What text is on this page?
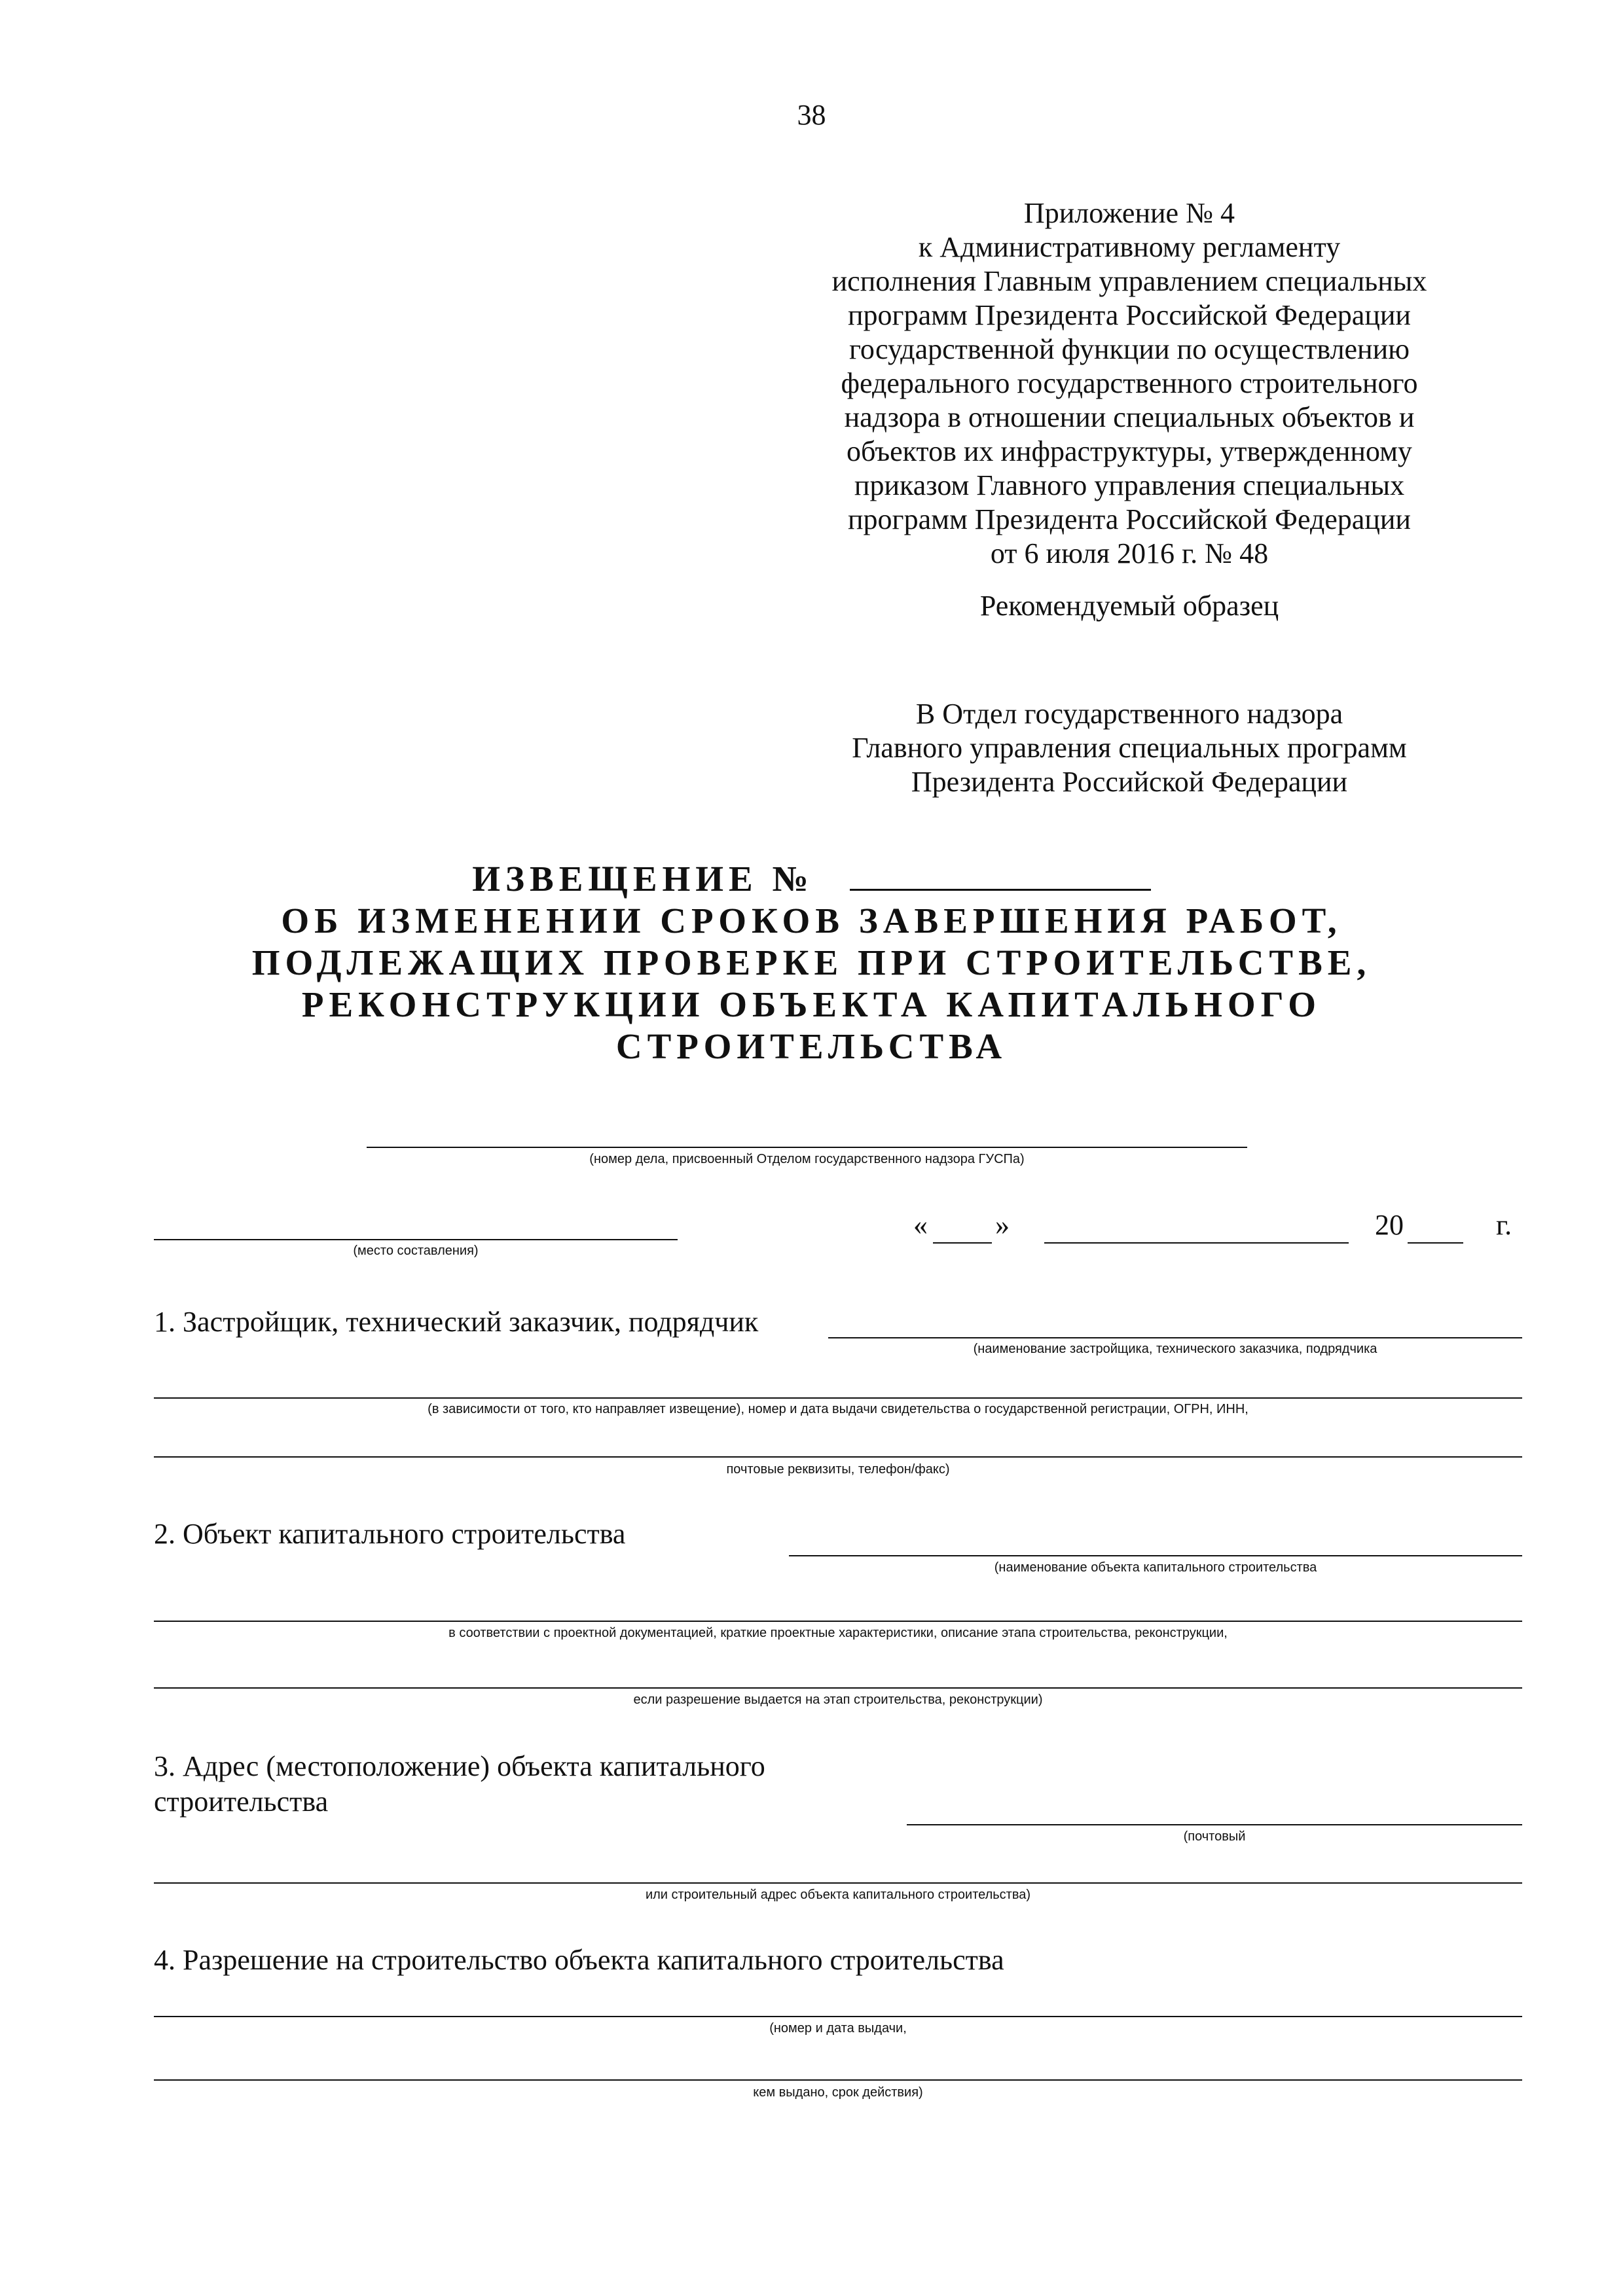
38
Приложение № 4
к Административному регламенту
исполнения Главным управлением специальных
программ Президента Российской Федерации
государственной функции по осуществлению
федерального государственного строительного
надзора в отношении специальных объектов и
объектов их инфраструктуры, утвержденному
приказом Главного управления специальных
программ Президента Российской Федерации
от 6 июля 2016 г. № 48
Рекомендуемый образец
В Отдел государственного надзора
Главного управления специальных программ
Президента Российской Федерации
ИЗВЕЩЕНИЕ №
ОБ ИЗМЕНЕНИИ СРОКОВ ЗАВЕРШЕНИЯ РАБОТ,
ПОДЛЕЖАЩИХ ПРОВЕРКЕ ПРИ СТРОИТЕЛЬСТВЕ,
РЕКОНСТРУКЦИИ ОБЪЕКТА КАПИТАЛЬНОГО
СТРОИТЕЛЬСТВА
(номер дела, присвоенный Отделом государственного надзора ГУСПа)
(место составления)
« »	20	г.
1. Застройщик, технический заказчик, подрядчик
(наименование застройщика, технического заказчика, подрядчика
(в зависимости от того, кто направляет извещение), номер и дата выдачи свидетельства о государственной регистрации, ОГРН, ИНН,
почтовые реквизиты, телефон/факс)
2. Объект капитального строительства
(наименование объекта капитального строительства
в соответствии с проектной документацией, краткие проектные характеристики, описание этапа строительства, реконструкции,
если разрешение выдается на этап строительства, реконструкции)
3. Адрес (местоположение) объекта капитального
строительства
(почтовый
или строительный адрес объекта капитального строительства)
4. Разрешение на строительство объекта капитального строительства
(номер и дата выдачи,
кем выдано, срок действия)
